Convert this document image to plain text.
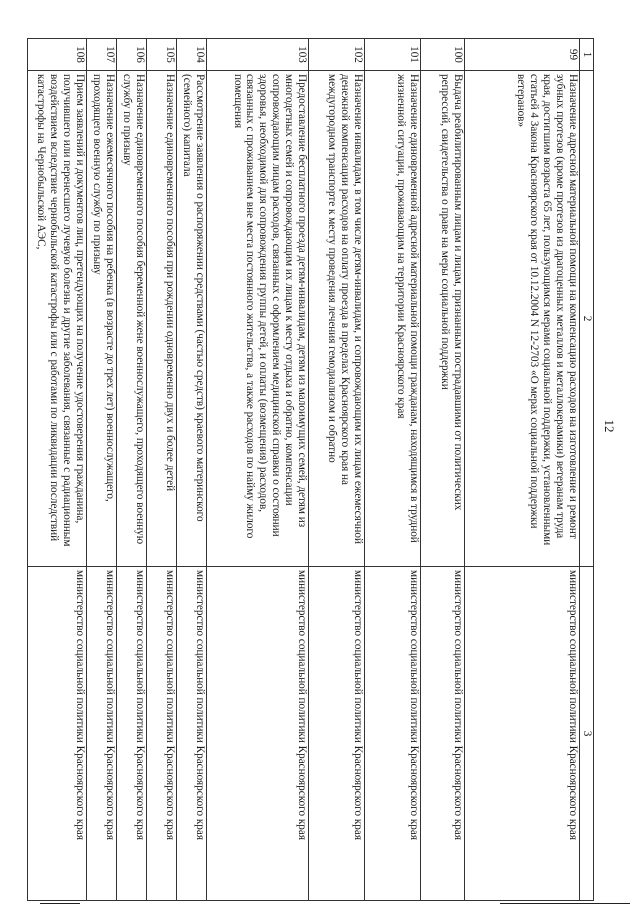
12
1	2	3
99	Назначение адресной материальной помощи на компенсацию расходов на изготовление и ремонт зубных протезов (кроме протезов из драгоценных металлов и металлокерамики) ветеранам труда края, достигшим возраста 65 лет, пользующимся мерами социальной поддержки, установленными статьей 4 Закона Красноярского края от 10.12.2004 N 12-2703 «О мерах социальной поддержки ветеранов»	министерство социальной политики Красноярского края
100	Выдача реабилитированным лицам и лицам, признанным пострадавшими от политических репрессий, свидетельства о праве на меры социальной поддержки	министерство социальной политики Красноярского края
101	Назначение единовременной адресной материальной помощи гражданам, находящимся в трудной жизненной ситуации, проживающим на территории Красноярского края	министерство социальной политики Красноярского края
102	Назначение инвалидам, в том числе детям-инвалидам, и сопровождающим их лицам ежемесячной денежной компенсации расходов на оплату проезда в пределах Красноярского края на междугородном транспорте к месту проведения лечения гемодиализом и обратно	министерство социальной политики Красноярского края
103	Предоставление бесплатного проезда детям-инвалидам, детям из малоимущих семей, детям из многодетных семей и сопровождающим их лицам к месту отдыха и обратно, компенсации сопровождающим лицам расходов, связанных с оформлением медицинской справки о состоянии здоровья, необходимой для сопровождения группы детей, и оплаты (возмещения) расходов, связанных с проживанием вне места постоянного жительства, а также расходов по найму жилого помещения	министерство социальной политики Красноярского края
104	Рассмотрение заявления о распоряжении средствами (частью средств) краевого материнского (семейного) капитала	министерство социальной политики Красноярского края
105	Назначение единовременного пособия при рождении одновременно двух и более детей	министерство социальной политики Красноярского края
106	Назначение единовременного пособия беременной жене военнослужащего, проходящего военную службу по призыву	министерство социальной политики Красноярского края
107	Назначение ежемесячного пособия на ребенка (в возрасте до трех лет) военнослужащего, проходящего военную службу по призыву	министерство социальной политики Красноярского края
108	Прием заявлений и документов лиц, претендующих на получение удостоверения гражданина, получившего или перенесшего лучевую болезнь и другие заболевания, связанные с радиационным воздействием вследствие чернобыльской катастрофы или с работами по ликвидации последствий катастрофы на Чернобыльской АЭС,	министерство социальной политики Красноярского края
